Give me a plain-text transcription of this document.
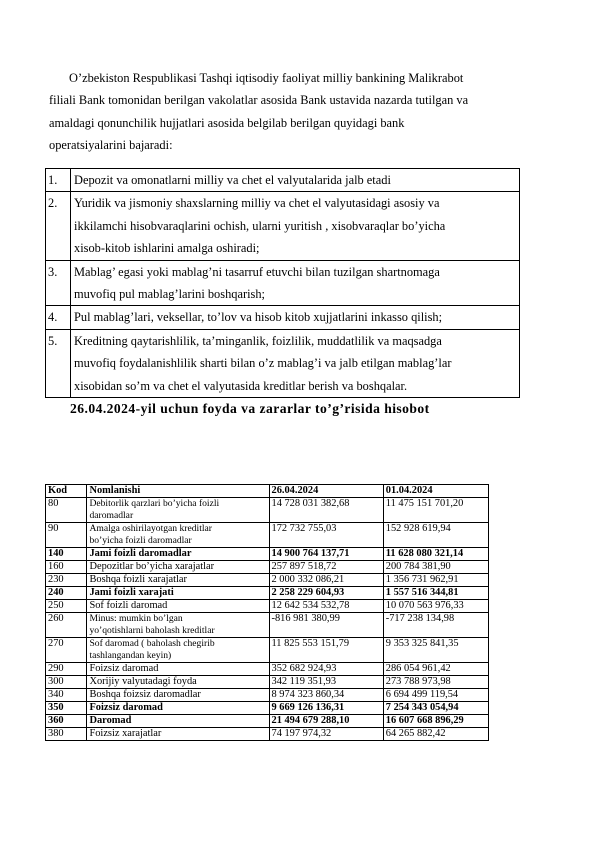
O’zbekiston Respublikasi Tashqi iqtisodiy faoliyat milliy bankining Malikrabot
filiali Bank tomonidan berilgan vakolatlar asosida Bank ustavida nazarda tutilgan va
amaldagi qonunchilik hujjatlari asosida belgilab berilgan quyidagi bank
operatsiyalarini bajaradi:
1.	Depozit va omonatlarni milliy va chet el valyutalarida jalb etadi

2.	Yuridik va jismoniy shaxslarning milliy va chet el valyutasidagi asosiy va
ikkilamchi hisobvaraqlarini ochish, ularni yuritish , xisobvaraqlar bo’yicha
xisob-kitob ishlarini amalga oshiradi;

3.	Mablag’ egasi yoki mablag’ni tasarruf etuvchi bilan tuzilgan shartnomaga
muvofiq pul mablag’larini boshqarish;

4.	Pul mablag’lari, veksellar, to’lov va hisob kitob xujjatlarini inkasso qilish;

5.	Kreditning qaytarishlilik, ta’minganlik, foizlilik, muddatlilik va maqsadga
muvofiq foydalanishlilik sharti bilan o’z mablag’i va jalb etilgan mablag’lar
xisobidan so’m va chet el valyutasida kreditlar berish va boshqalar.
26.04.2024-yil uchun foyda va zararlar to’g’risida hisobot
Kod	Nomlanishi	26.04.2024	01.04.2024
80	Debitorlik qarzlari bo’yicha foizli
daromadlar	14 728 031 382,68	11 475 151 701,20
90	Amalga oshirilayotgan kreditlar
bo’yicha foizli daromadlar	172 732 755,03	152 928 619,94
140	Jami foizli daromadlar	14 900 764 137,71	11 628 080 321,14
160	Depozitlar bo’yicha xarajatlar	257 897 518,72	200 784 381,90
230	Boshqa foizli xarajatlar	2 000 332 086,21	1 356 731 962,91
240	Jami foizli xarajati	2 258 229 604,93	1 557 516 344,81
250	Sof foizli daromad	12 642 534 532,78	10 070 563 976,33
260	Minus: mumkin bo’lgan
yo’qotishlarni baholash kreditlar	-816 981 380,99	-717 238 134,98
270	Sof daromad ( baholash chegirib
tashlangandan keyin)	11 825 553 151,79	9 353 325 841,35
290	Foizsiz daromad	352 682 924,93	286 054 961,42
300	Xorijiy valyutadagi foyda	342 119 351,93	273 788 973,98
340	Boshqa foizsiz daromadlar	8 974 323 860,34	6 694 499 119,54
350	Foizsiz daromad	9 669 126 136,31	7 254 343 054,94
360	Daromad	21 494 679 288,10	16 607 668 896,29
380	Foizsiz xarajatlar	74 197 974,32	64 265 882,42
